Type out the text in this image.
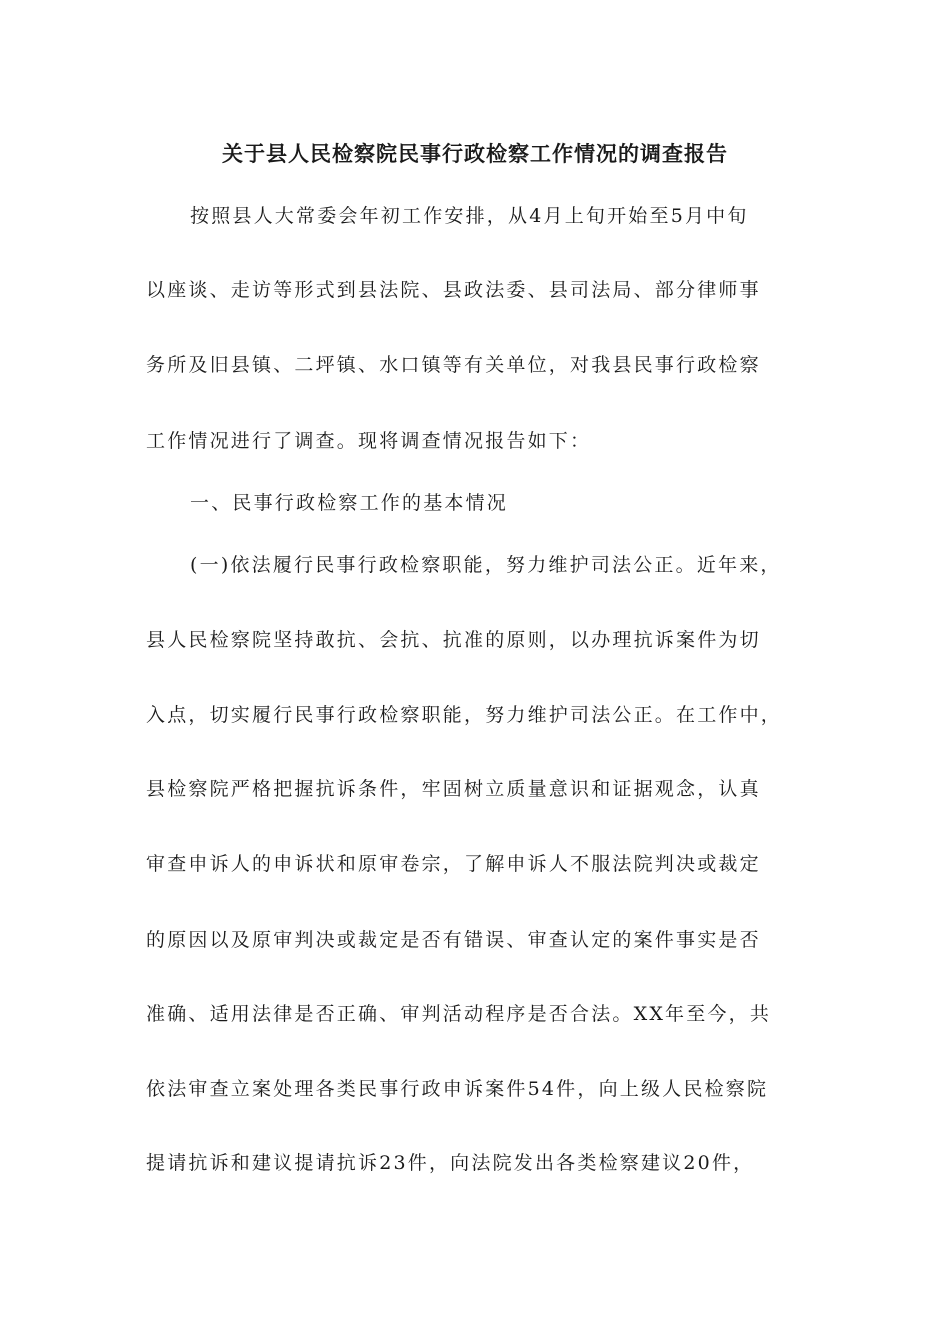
关于县人民检察院民事行政检察工作情况的调查报告
按照县人大常委会年初工作安排，从4月上旬开始至5月中旬
以座谈、走访等形式到县法院、县政法委、县司法局、部分律师事
务所及旧县镇、二坪镇、水口镇等有关单位，对我县民事行政检察
工作情况进行了调查。现将调查情况报告如下：
一、民事行政检察工作的基本情况
(一)依法履行民事行政检察职能，努力维护司法公正。近年来，
县人民检察院坚持敢抗、会抗、抗准的原则，以办理抗诉案件为切
入点，切实履行民事行政检察职能，努力维护司法公正。在工作中，
县检察院严格把握抗诉条件，牢固树立质量意识和证据观念，认真
审查申诉人的申诉状和原审卷宗，了解申诉人不服法院判决或裁定
的原因以及原审判决或裁定是否有错误、审查认定的案件事实是否
准确、适用法律是否正确、审判活动程序是否合法。XX年至今，共
依法审查立案处理各类民事行政申诉案件54件，向上级人民检察院
提请抗诉和建议提请抗诉23件，向法院发出各类检察建议20件，
